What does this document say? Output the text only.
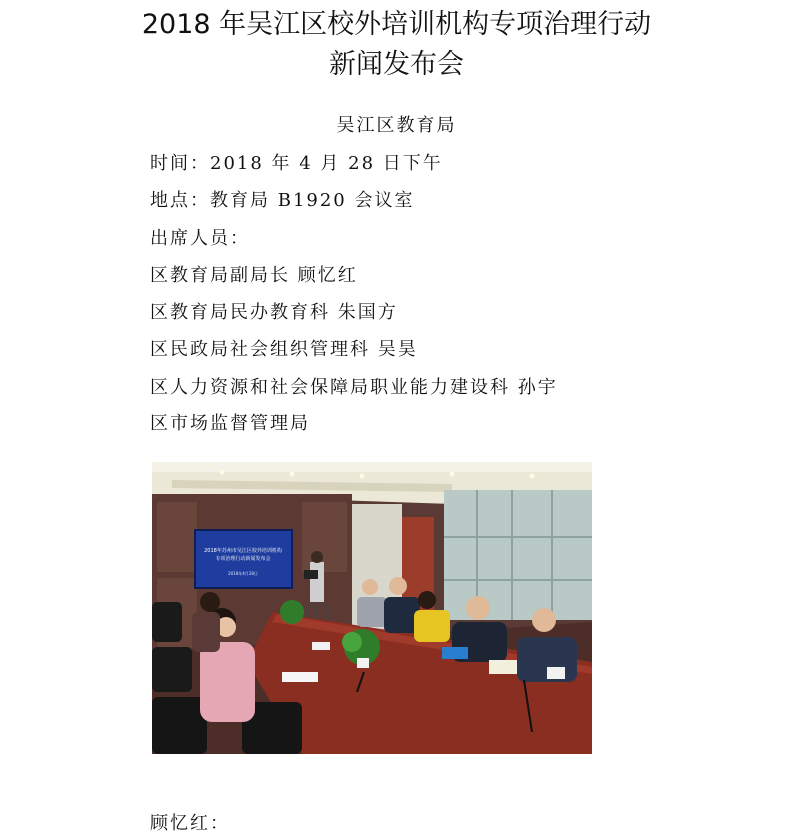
2018 年吴江区校外培训机构专项治理行动
新闻发布会
吴江区教育局
时间：2018 年 4 月 28 日下午
地点：教育局 B1920 会议室
出席人员：
区教育局副局长 顾忆红
区教育局民办教育科 朱国方
区民政局社会组织管理科 吴昊
区人力资源和社会保障局职业能力建设科 孙宇
区市场监督管理局
2018年苏州市吴江区校外培训机构
专项治理行动新闻发布会
2018年4月28日
顾忆红：
